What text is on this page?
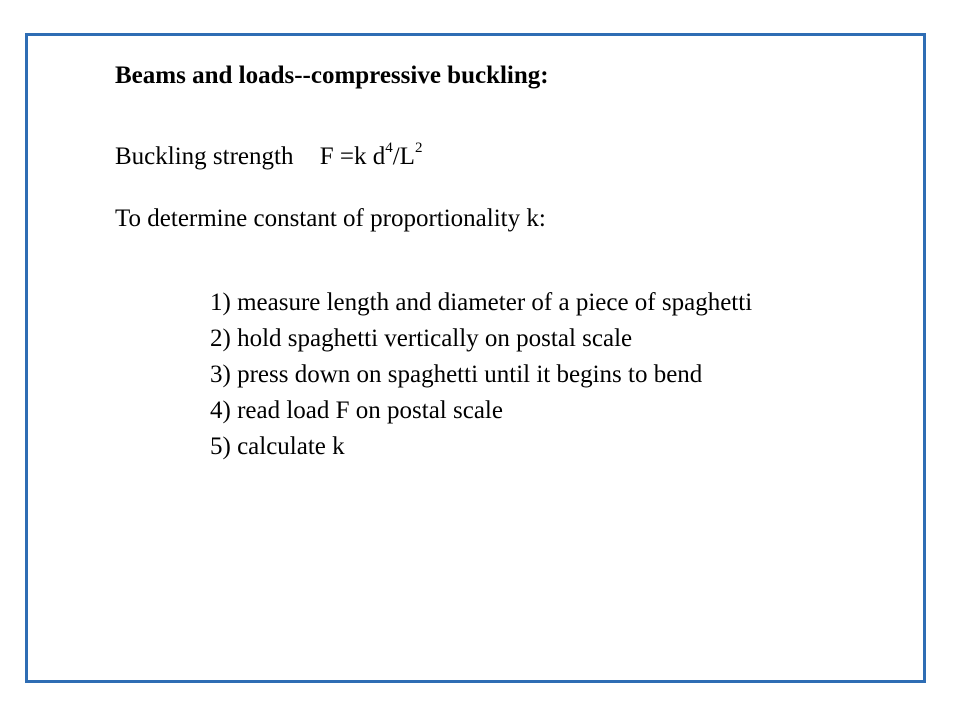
Beams and loads--compressive buckling:
Buckling strength F =k $d^4/L^2$
To determine constant of proportionality k:
1) measure length and diameter of a piece of spaghetti
2) hold spaghetti vertically on postal scale
3) press down on spaghetti until it begins to bend
4) read load F on postal scale
5) calculate k
